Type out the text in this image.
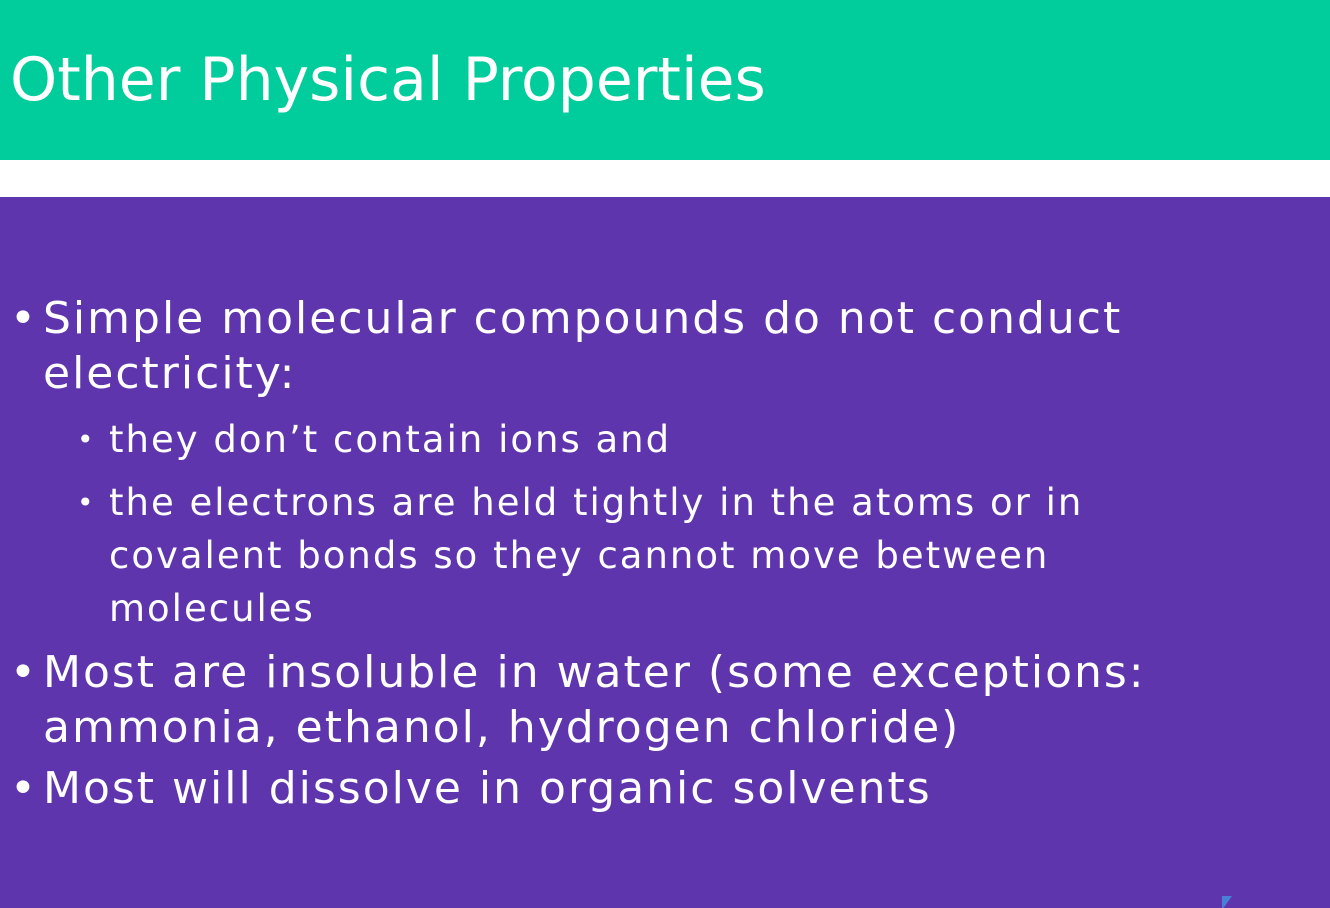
Other Physical Properties
• Simple molecular compounds do not conduct electricity:
• they don’t contain ions and
• the electrons are held tightly in the atoms or in covalent bonds so they cannot move between molecules
• Most are insoluble in water (some exceptions: ammonia, ethanol, hydrogen chloride)
• Most will dissolve in organic solvents
